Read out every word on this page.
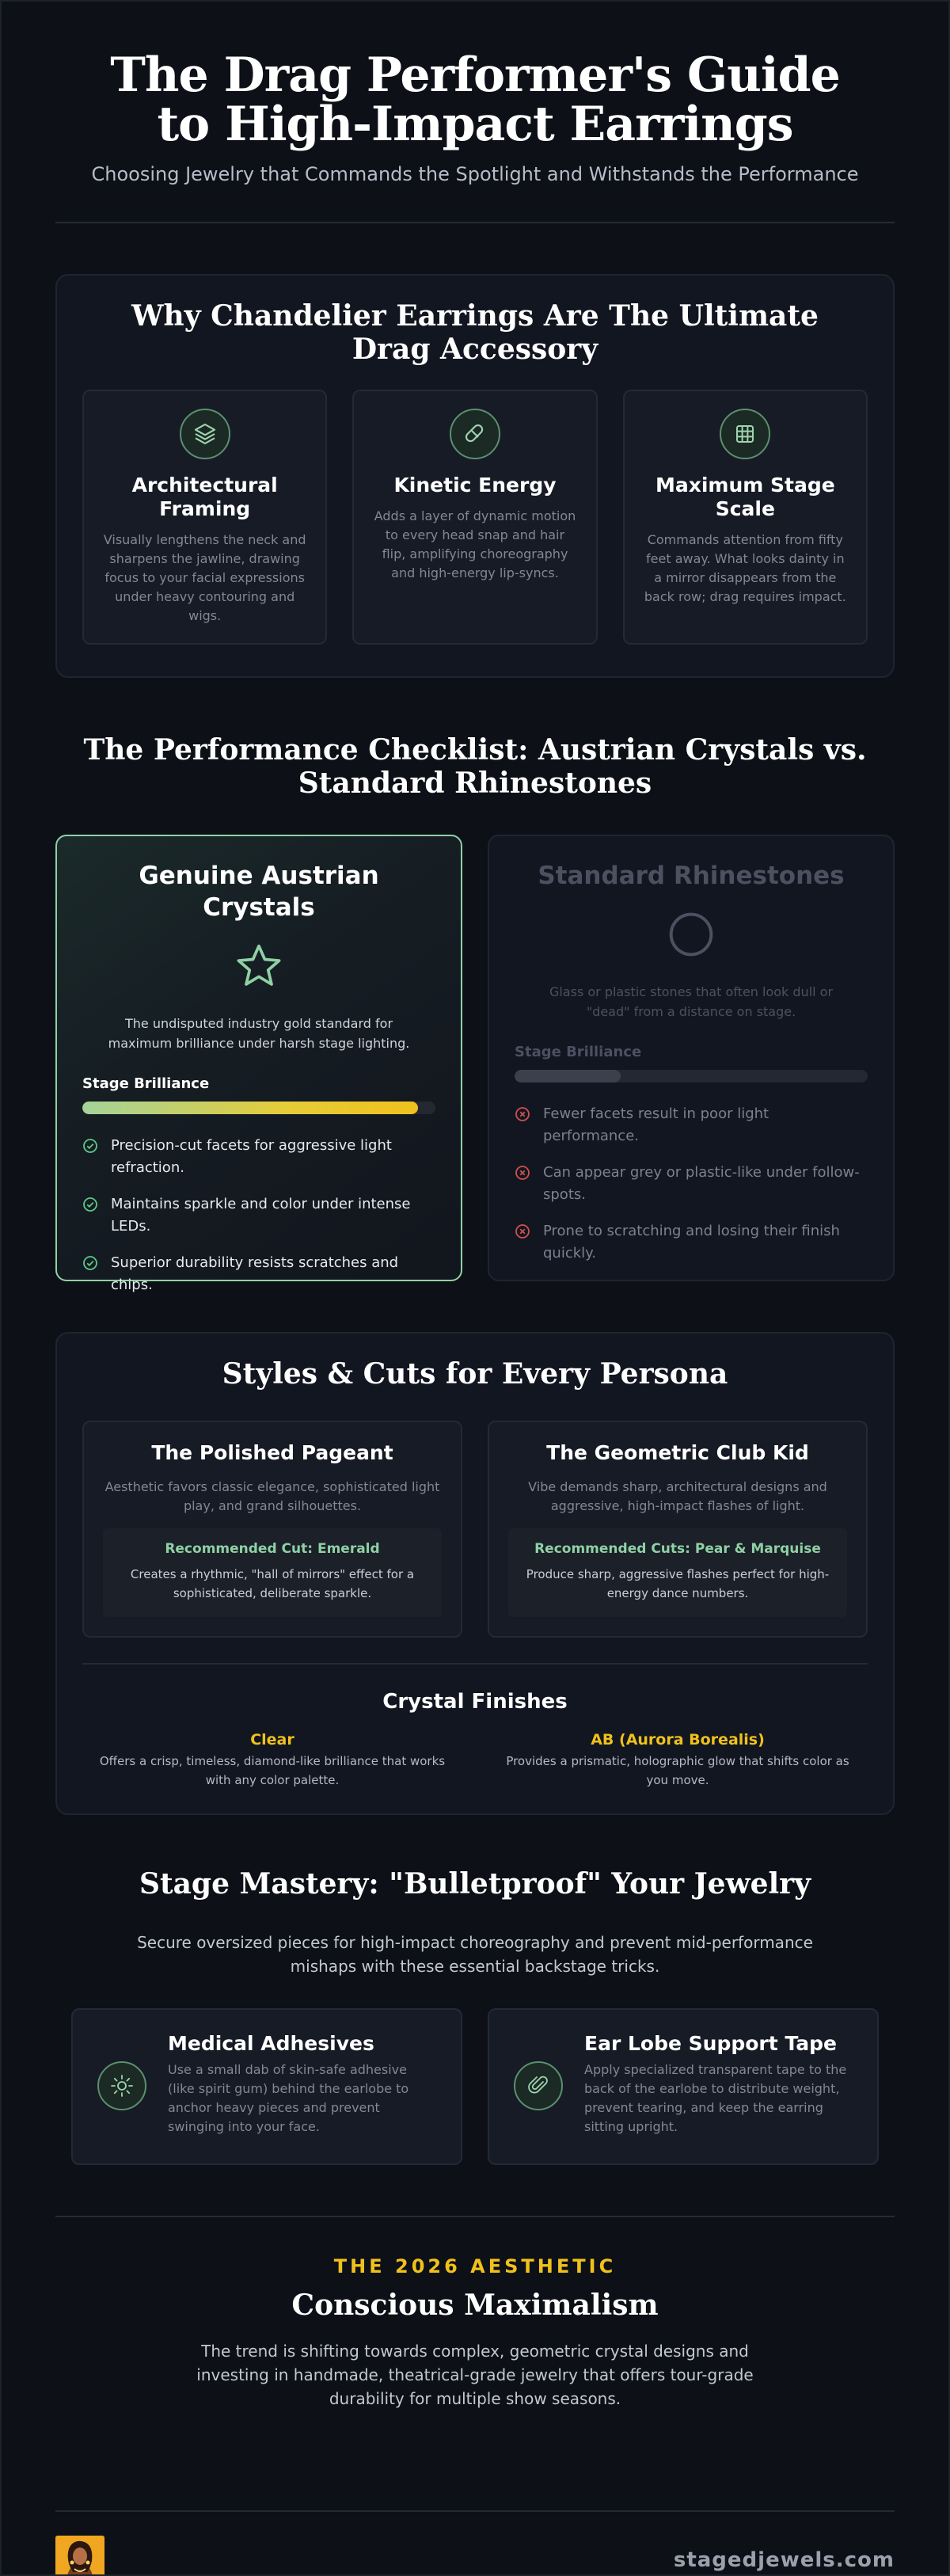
The Drag Performer's Guide to High-Impact Earrings

Choosing Jewelry that Commands the Spotlight and Withstands the Performance

Why Chandelier Earrings Are The Ultimate Drag Accessory
Architectural Framing

Visually lengthens the neck and sharpens the jawline, drawing focus to your facial expressions under heavy contouring and wigs.

Kinetic Energy

Adds a layer of dynamic motion to every head snap and hair flip, amplifying choreography and high-energy lip-syncs.

Maximum Stage Scale

Commands attention from fifty feet away. What looks dainty in a mirror disappears from the back row; drag requires impact.

The Performance Checklist: Austrian Crystals vs. Standard Rhinestones
Genuine Austrian Crystals

The undisputed industry gold standard for maximum brilliance under harsh stage lighting.

Stage Brilliance
Precision-cut facets for aggressive light refraction.
Maintains sparkle and color under intense LEDs.
Superior durability resists scratches and chips.
Standard Rhinestones

Glass or plastic stones that often look dull or "dead" from a distance on stage.

Stage Brilliance
Fewer facets result in poor light performance.
Can appear grey or plastic-like under follow-spots.
Prone to scratching and losing their finish quickly.
Styles & Cuts for Every Persona
The Polished Pageant

Aesthetic favors classic elegance, sophisticated light play, and grand silhouettes.

Recommended Cut: Emerald
Creates a rhythmic, "hall of mirrors" effect for a sophisticated, deliberate sparkle.
The Geometric Club Kid

Vibe demands sharp, architectural designs and aggressive, high-impact flashes of light.

Recommended Cuts: Pear & Marquise
Produce sharp, aggressive flashes perfect for high-energy dance numbers.
Crystal Finishes
Clear
Offers a crisp, timeless, diamond-like brilliance that works with any color palette.
AB (Aurora Borealis)
Provides a prismatic, holographic glow that shifts color as you move.
Stage Mastery: "Bulletproof" Your Jewelry

Secure oversized pieces for high-impact choreography and prevent mid-performance mishaps with these essential backstage tricks.

Medical Adhesives

Use a small dab of skin-safe adhesive (like spirit gum) behind the earlobe to anchor heavy pieces and prevent swinging into your face.

Ear Lobe Support Tape

Apply specialized transparent tape to the back of the earlobe to distribute weight, prevent tearing, and keep the earring sitting upright.

THE 2026 AESTHETIC
Conscious Maximalism

The trend is shifting towards complex, geometric crystal designs and investing in handmade, theatrical-grade jewelry that offers tour-grade durability for multiple show seasons.

stagedjewels.com
